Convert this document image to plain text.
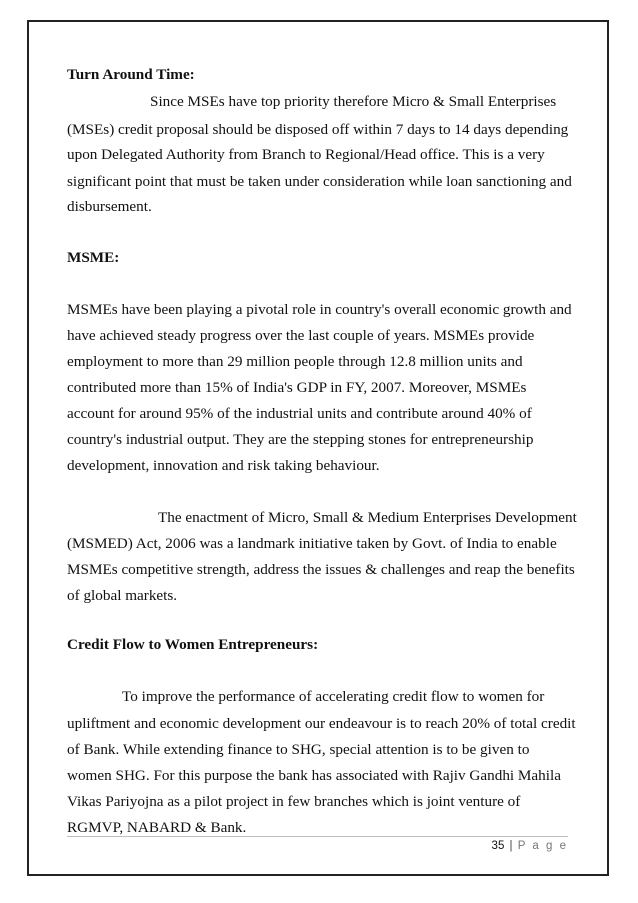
Turn Around Time:
Since MSEs have top priority therefore Micro & Small Enterprises
(MSEs) credit proposal should be disposed off within 7 days to 14 days depending
upon Delegated Authority from Branch to Regional/Head office. This is a very
significant point that must be taken under consideration while loan sanctioning and
disbursement.
MSME:
MSMEs have been playing a pivotal role in country's overall economic growth and
have achieved steady progress over the last couple of years. MSMEs provide
employment to more than 29 million people through 12.8 million units and
contributed more than 15% of India's GDP in FY, 2007. Moreover, MSMEs
account for around 95% of the industrial units and contribute around 40% of
country's industrial output. They are the stepping stones for entrepreneurship
development, innovation and risk taking behaviour.
The enactment of Micro, Small & Medium Enterprises Development
(MSMED) Act, 2006 was a landmark initiative taken by Govt. of India to enable
MSMEs competitive strength, address the issues & challenges and reap the benefits
of global markets.
Credit Flow to Women Entrepreneurs:
To improve the performance of accelerating credit flow to women for
upliftment and economic development our endeavour is to reach 20% of total credit
of Bank. While extending finance to SHG, special attention is to be given to
women SHG. For this purpose the bank has associated with Rajiv Gandhi Mahila
Vikas Pariyojna as a pilot project in few branches which is joint venture of
RGMVP, NABARD & Bank.
35 | P a g e
